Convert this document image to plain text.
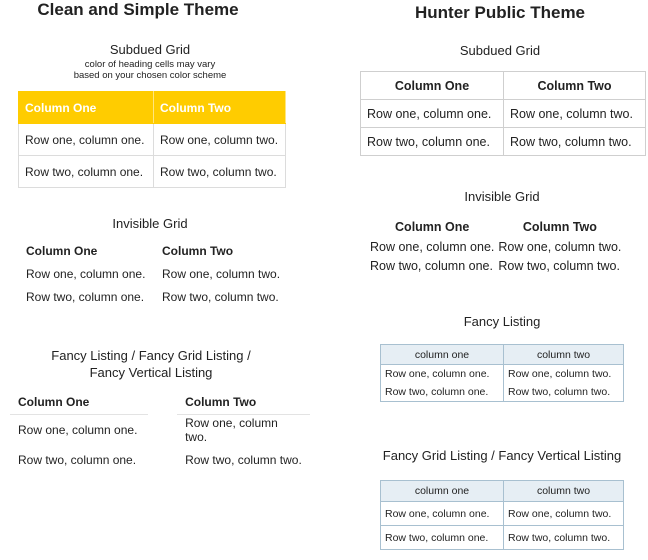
Clean and Simple Theme
Subdued Grid
color of heading cells may vary
based on your chosen color scheme
Column One	Column Two
Row one, column one.	Row one, column two.
Row two, column one.	Row two, column two.
Invisible Grid
Column One	Column Two
Row one, column one.	Row one, column two.
Row two, column one.	Row two, column two.
Fancy Listing / Fancy Grid Listing /
Fancy Vertical Listing
Column One		Column Two
Row one, column one.		Row one, column two.
Row two, column one.		Row two, column two.
Hunter Public Theme
Subdued Grid
Column One	Column Two
Row one, column one.	Row one, column two.
Row two, column one.	Row two, column two.
Invisible Grid
Column One	Column Two
Row one, column one.	Row one, column two.
Row two, column one.	Row two, column two.
Fancy Listing
column one	column two
Row one, column one.	Row one, column two.
Row two, column one.	Row two, column two.
Fancy Grid Listing / Fancy Vertical Listing
column one	column two
Row one, column one.	Row one, column two.
Row two, column one.	Row two, column two.
